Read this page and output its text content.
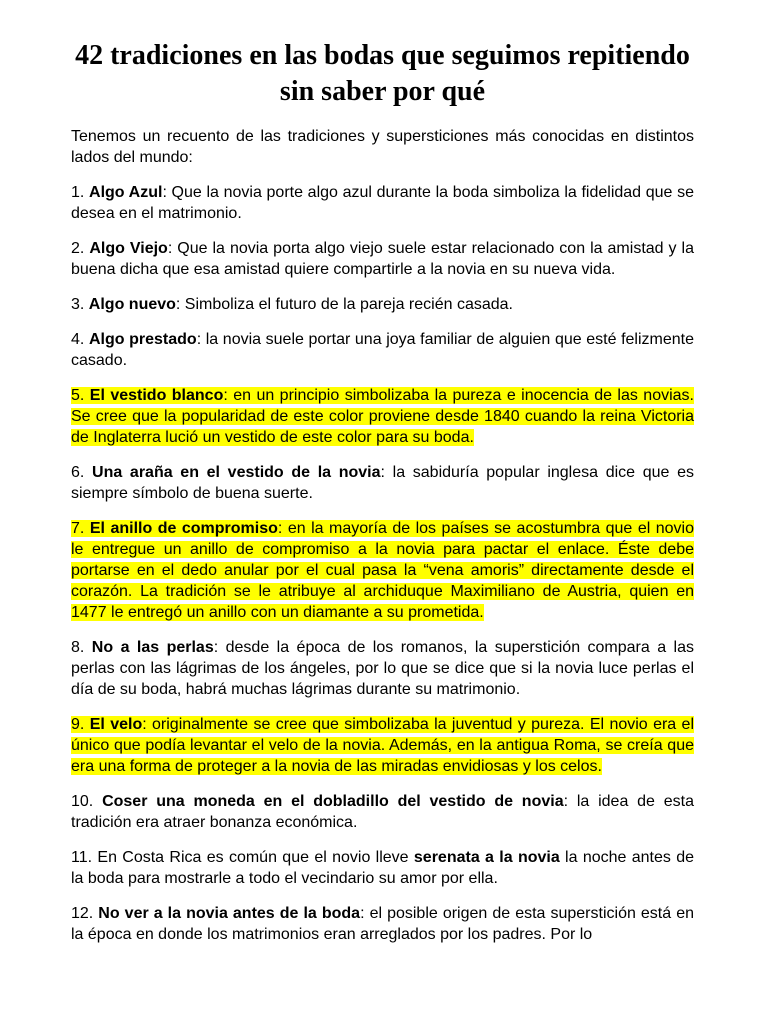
42 tradiciones en las bodas que seguimos repitiendo sin saber por qué

Tenemos un recuento de las tradiciones y supersticiones más conocidas en distintos lados del mundo:

1. Algo Azul: Que la novia porte algo azul durante la boda simboliza la fidelidad que se desea en el matrimonio.

2. Algo Viejo: Que la novia porta algo viejo suele estar relacionado con la amistad y la buena dicha que esa amistad quiere compartirle a la novia en su nueva vida.

3. Algo nuevo: Simboliza el futuro de la pareja recién casada.

4. Algo prestado: la novia suele portar una joya familiar de alguien que esté felizmente casado.

5. El vestido blanco: en un principio simbolizaba la pureza e inocencia de las novias. Se cree que la popularidad de este color proviene desde 1840 cuando la reina Victoria de Inglaterra lució un vestido de este color para su boda.

6. Una araña en el vestido de la novia: la sabiduría popular inglesa dice que es siempre símbolo de buena suerte.

7. El anillo de compromiso: en la mayoría de los países se acostumbra que el novio le entregue un anillo de compromiso a la novia para pactar el enlace. Éste debe portarse en el dedo anular por el cual pasa la “vena amoris” directamente desde el corazón. La tradición se le atribuye al archiduque Maximiliano de Austria, quien en 1477 le entregó un anillo con un diamante a su prometida.

8. No a las perlas: desde la época de los romanos, la superstición compara a las perlas con las lágrimas de los ángeles, por lo que se dice que si la novia luce perlas el día de su boda, habrá muchas lágrimas durante su matrimonio.

9. El velo: originalmente se cree que simbolizaba la juventud y pureza. El novio era el único que podía levantar el velo de la novia. Además, en la antigua Roma, se creía que era una forma de proteger a la novia de las miradas envidiosas y los celos.

10. Coser una moneda en el dobladillo del vestido de novia: la idea de esta tradición era atraer bonanza económica.

11. En Costa Rica es común que el novio lleve serenata a la novia la noche antes de la boda para mostrarle a todo el vecindario su amor por ella.

12. No ver a la novia antes de la boda: el posible origen de esta superstición está en la época en donde los matrimonios eran arreglados por los padres. Por lo
